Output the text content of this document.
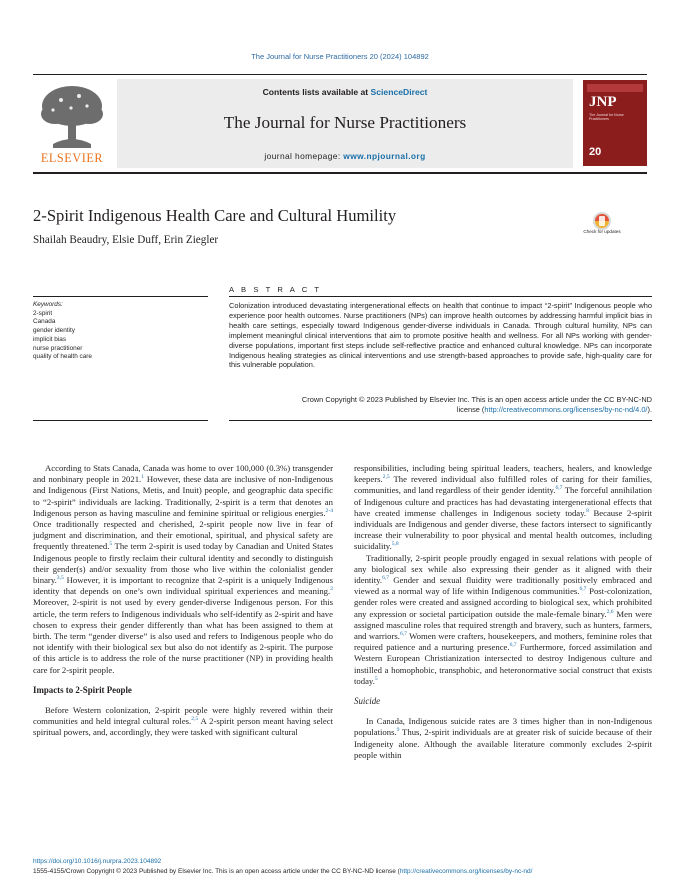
The Journal for Nurse Practitioners 20 (2024) 104892
ELSEVIER
Contents lists available at ScienceDirect
The Journal for Nurse Practitioners
journal homepage: www.npjournal.org
JNP
The Journal for Nurse Practitioners
20
2-Spirit Indigenous Health Care and Cultural Humility
Shailah Beaudry, Elsie Duff, Erin Ziegler
Check for updates
A B S T R A C T
Keywords:
2-spirit
Canada
gender identity
implicit bias
nurse practitioner
quality of health care
Colonization introduced devastating intergenerational effects on health that continue to impact “2-spirit” Indigenous people who experience poor health outcomes. Nurse practitioners (NPs) can improve health outcomes by addressing harmful implicit bias in health care settings, especially toward Indigenous gender-diverse individuals in Canada. Through cultural humility, NPs can implement meaningful clinical interventions that aim to promote positive health and wellness. For all NPs working with gender-diverse populations, important first steps include self-reflective practice and enhanced cultural knowledge. NPs can incorporate Indigenous healing strategies as clinical interventions and use strength-based approaches to provide safe, high-quality care for this vulnerable population.
Crown Copyright © 2023 Published by Elsevier Inc. This is an open access article under the CC BY-NC-ND
license (http://creativecommons.org/licenses/by-nc-nd/4.0/).

According to Stats Canada, Canada was home to over 100,000 (0.3%) transgender and nonbinary people in 2021.$^1$ However, these data are inclusive of non-Indigenous and Indigenous (First Nations, Metis, and Inuit) people, and geographic data specific to “2-spirit” individuals are lacking. Traditionally, 2-spirit is a term that denotes an Indigenous person as having masculine and feminine spiritual or religious energies.$^{2-4}$ Once traditionally respected and cherished, 2-spirit people now live in fear of judgment and discrimination, and their emotional, spiritual, and physical safety are frequently threatened.$^5$ The term 2-spirit is used today by Canadian and United States Indigenous people to firstly reclaim their cultural identity and secondly to distinguish their gender(s) and/or sexuality from those who live within the colonialist gender binary.$^{3,5}$ However, it is important to recognize that 2-spirit is a uniquely Indigenous identity that depends on one’s own individual spiritual experiences and meaning.$^2$ Moreover, 2-spirit is not used by every gender-diverse Indigenous person. For this article, the term refers to Indigenous individuals who self-identify as 2-spirit and have chosen to express their gender differently than what has been assigned to them at birth. The term “gender diverse” is also used and refers to Indigenous people who do not identify with their biological sex but also do not identify as 2-spirit. The purpose of this article is to address the role of the nurse practitioner (NP) in providing health care for 2-spirit people.

Impacts to 2-Spirit People

Before Western colonization, 2-spirit people were highly revered within their communities and held integral cultural roles.$^{2,5}$ A 2-spirit person meant having select spiritual powers, and, accordingly, they were tasked with significant cultural

responsibilities, including being spiritual leaders, teachers, healers, and knowledge keepers.$^{2,5}$ The revered individual also fulfilled roles of caring for their families, communities, and land regardless of their gender identity.$^{6,7}$ The forceful annihilation of Indigenous culture and practices has had devastating intergenerational effects that have created immense challenges in Indigenous society today.$^8$ Because 2-spirit individuals are Indigenous and gender diverse, these factors intersect to significantly increase their vulnerability to poor physical and mental health outcomes, including suicidality.$^{5,8}$

Traditionally, 2-spirit people proudly engaged in sexual relations with people of any biological sex while also expressing their gender as it aligned with their identity.$^{6,7}$ Gender and sexual fluidity were traditionally positively embraced and viewed as a normal way of life within Indigenous communities.$^{6,7}$ Post-colonization, gender roles were created and assigned according to biological sex, which prohibited any expression or societal participation outside the male-female binary.$^{2,6}$ Men were assigned masculine roles that required strength and bravery, such as hunters, farmers, and warriors.$^{6,7}$ Women were crafters, housekeepers, and mothers, feminine roles that required patience and a nurturing presence.$^{6,7}$ Furthermore, forced assimilation and Western European Christianization intersected to destroy Indigenous culture and instilled a homophobic, transphobic, and heteronormative social construct that exists today.$^5$

Suicide

In Canada, Indigenous suicide rates are 3 times higher than in non-Indigenous populations.$^9$ Thus, 2-spirit individuals are at greater risk of suicide because of their Indigeneity alone. Although the available literature commonly excludes 2-spirit people within

https://doi.org/10.1016/j.nurpra.2023.104892
1555-4155/Crown Copyright © 2023 Published by Elsevier Inc. This is an open access article under the CC BY-NC-ND license (http://creativecommons.org/licenses/by-nc-nd/
